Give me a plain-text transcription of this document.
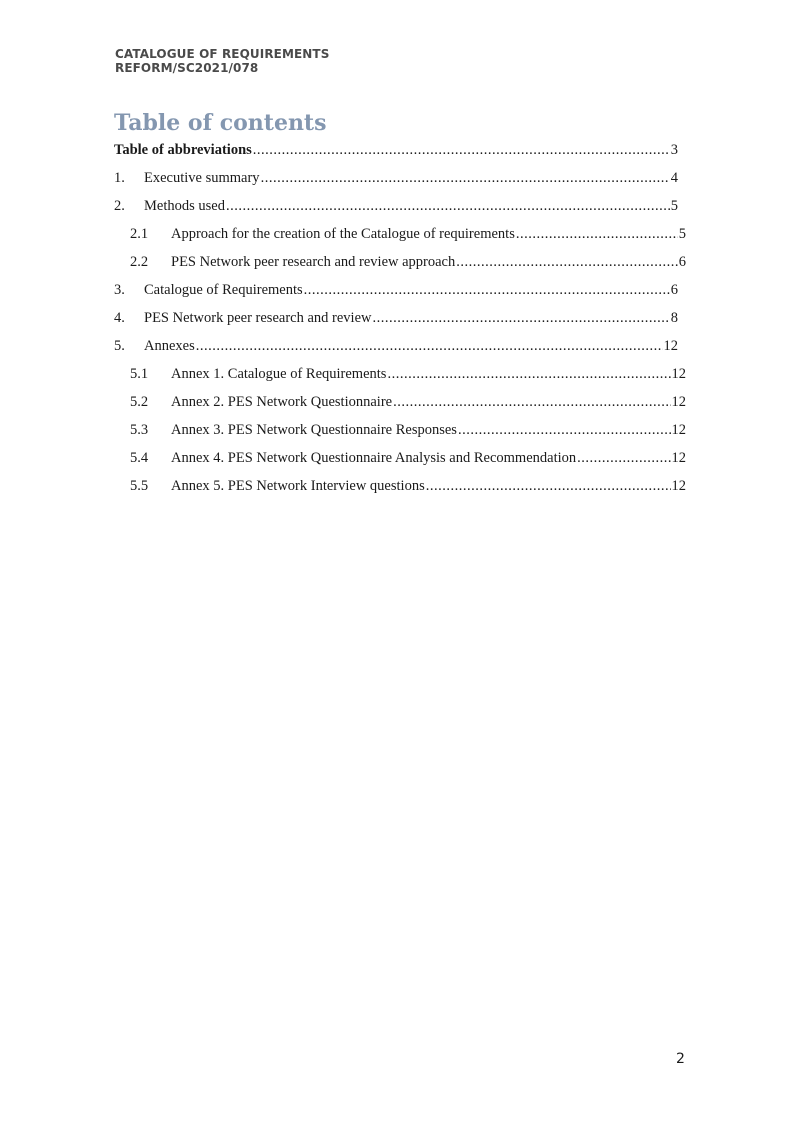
CATALOGUE OF REQUIREMENTS
REFORM/SC2021/078
Table of contents
Table of abbreviations .....	3
1.	Executive summary .....	4
2.	Methods used .....	5
2.1	Approach for the creation of the Catalogue of requirements .....	5
2.2	PES Network peer research and review approach .....	6
3.	Catalogue of Requirements .....	6
4.	PES Network peer research and review .....	8
5.	Annexes .....	12
5.1	Annex 1. Catalogue of Requirements .....	12
5.2	Annex 2. PES Network Questionnaire .....	12
5.3	Annex 3. PES Network Questionnaire Responses .....	12
5.4	Annex 4. PES Network Questionnaire Analysis and Recommendation .....	12
5.5	Annex 5. PES Network Interview questions .....	12
2
